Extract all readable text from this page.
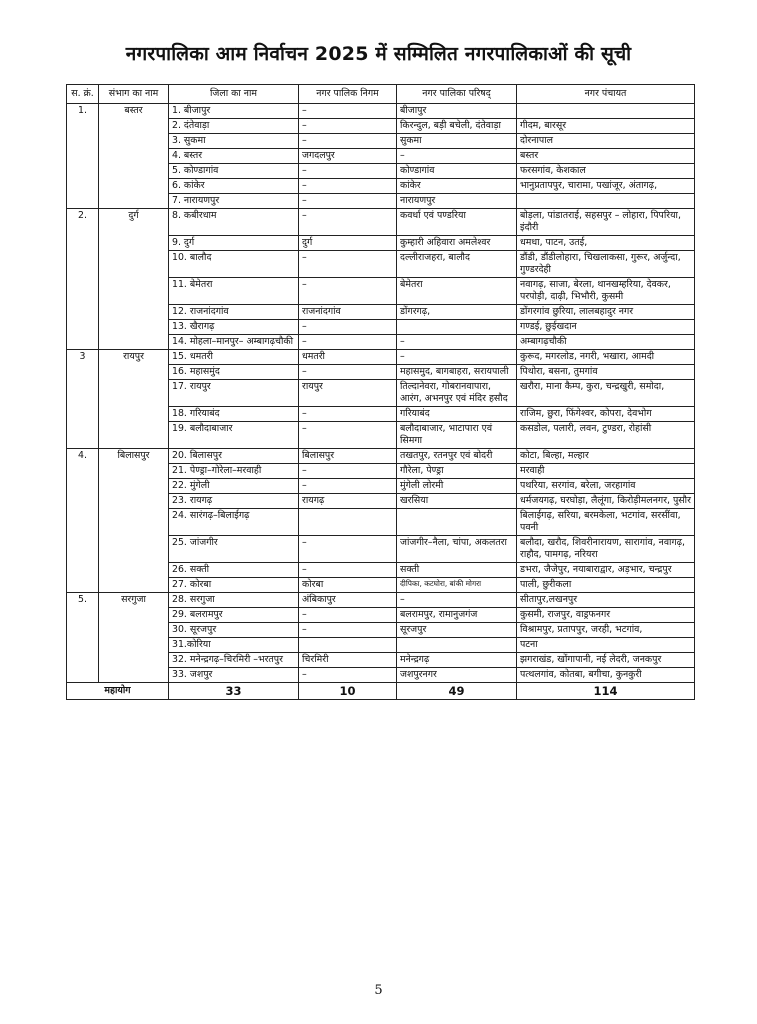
नगरपालिका आम निर्वाचन 2025 में सम्मिलित नगरपालिकाओं की सूची
स. क्रं.	संभाग का नाम	जिला का नाम	नगर पालिक निगम	नगर पालिका परिषद्	नगर पंचायत
1.	बस्तर	1. बीजापुर	–	बीजापुर	
		2. दंतेवाड़ा	–	किरन्दुल, बड़ी बचेली, दंतेवाड़ा	गीदम, बारसूर
		3. सुकमा	–	सुकमा	दोरनापाल
		4. बस्तर	जगदलपुर	–	बस्तर
		5. कोण्डागांव	–	कोण्डागांव	फरसगांव, केशकाल
		6. कांकेर	–	कांकेर	भानुप्रतापपुर, चारामा, पखांजूर, अंतागढ़,
		7. नारायणपुर	–	नारायणपुर	
2.	दुर्ग	8. कबीरधाम	–	कवर्धा एवं पण्डरिया	बोड़ला, पांडातराई, सहसपुर – लोहारा, पिपरिया, इंदौरी
		9. दुर्ग	दुर्ग	कुम्हारी अहिवारा अमलेश्वर	धमधा, पाटन, उतई,
		10. बालौद	–	दल्लीराजहरा, बालौद	डौंडी, डौंडीलोहारा, चिखलाकसा, गुरूर, अर्जुन्दा, गुण्डरदेही
		11. बेमेतरा	–	बेमेतरा	नवागढ़, साजा, बेरला, थानखम्हरिया, देवकर, परपोड़ी, दाढ़ी, भिभौरी, कुसमी
		12. राजनांदगांव	राजनांदगांव	डोंगरगढ़,	डोंगरगांव छुरिया, लालबहादुर नगर
		13. खैरागढ़	–		गण्डई, छुईखदान
		14. मोहला–मानपुर– अम्बागढ़चौकी	–	–	अम्बागढ़चौकी
3	रायपुर	15. धमतरी	धमतरी	–	कुरूद, मगरलोड, नगरी, भखारा, आमदी
		16. महासमुंद	–	महासमुद, बागबाहरा, सरायपाली	पिथोरा, बसना, तुमगांव
		17. रायपुर	रायपुर	तिल्दानेवरा, गोबरानवापारा, आरंग, अभनपुर एवं मंदिर हसौद	खरौरा, माना कैम्प, कुरा, चन्द्रखुरी, समोदा,
		18. गरियाबंद	–	गरियाबंद	राजिम, छुरा, फिंगेश्वर, कोपरा, देवभोग
		19. बलौदाबाजार	–	बलौदाबाजार, भाटापारा एवं सिमगा	कसडोल, पलारी, लवन, टुण्डरा, रोहांसी
4.	बिलासपुर	20. बिलासपुर	बिलासपुर	तखतपुर, रतनपुर एवं बोदरी	कोटा, बिल्हा, मल्हार
		21. पेण्ड्रा–गोरेला–मरवाही	–	गौरेला, पेण्ड्रा	मरवाही
		22. मुंगेली	–	मुंगेली लोरमी	पथरिया, सरगांव, बरेला, जरहागांव
		23. रायगढ़	रायगढ़	खरसिया	धर्मजयगढ़, घरघोड़ा, लैलूंगा, किरोड़ीमलनगर, पुसौर
		24. सारंगढ़–बिलाईगढ़			बिलाईगढ़, सरिया, बरमकेला, भटगांव, सरसींवा, पवनी
		25. जांजगीर	–	जांजगीर–नैला, चांपा, अकलतरा	बलौदा, खरौद, शिवरीनारायण, सारागांव, नवागढ़, राहौद, पामगढ़, नरियरा
		26. सक्ती	–	सक्ती	डभरा, जैजेपुर, नयाबाराद्वार, अड़भार, चन्द्रपुर
		27. कोरबा	कोरबा	दीपिका, कटघोरा, बांकी मोगरा	पाली, छुरीकला
5.	सरगुजा	28. सरगुजा	अंबिकापुर	–	सीतापुर,लखनपुर
		29. बलरामपुर	–	बलरामपुर, रामानुजगंज	कुसमी, राजपुर, वाड्रफनगर
		30. सूरजपुर	–	सूरजपुर	विश्रामपुर, प्रतापपुर, जरही, भटगांव,
		31.कोरिया			पटना
		32. मनेन्द्रगढ़–चिरमिरी –भरतपुर	चिरमिरी	मनेन्द्रगढ़	झगराखंड, खोंगापानी, नई लेदरी, जनकपुर
		33. जशपुर	–	जशपुरनगर	पत्थलगांव, कोतबा, बगीचा, कुनकुरी
महायोग		33	10	49	114
5
